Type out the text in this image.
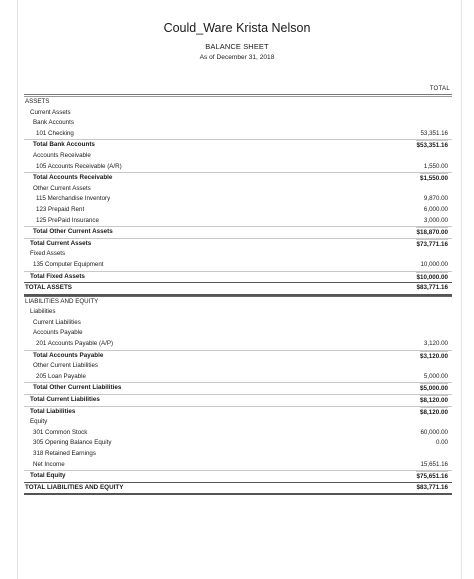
Could_Ware Krista Nelson
BALANCE SHEET
As of December 31, 2018
TOTAL
ASSETS
Current Assets
Bank Accounts
101 Checking	53,351.16
Total Bank Accounts	$53,351.16
Accounts Receivable
105 Accounts Receivable (A/R)	1,550.00
Total Accounts Receivable	$1,550.00
Other Current Assets
115 Merchandise Inventory	9,870.00
123 Prepaid Rent	6,000.00
125 PrePaid Insurance	3,000.00
Total Other Current Assets	$18,870.00
Total Current Assets	$73,771.16
Fixed Assets
135 Computer Equipment	10,000.00
Total Fixed Assets	$10,000.00
TOTAL ASSETS	$83,771.16
LIABILITIES AND EQUITY
Liabilities
Current Liabilities
Accounts Payable
201 Accounts Payable (A/P)	3,120.00
Total Accounts Payable	$3,120.00
Other Current Liabilities
205 Loan Payable	5,000.00
Total Other Current Liabilities	$5,000.00
Total Current Liabilities	$8,120.00
Total Liabilities	$8,120.00
Equity
301 Common Stock	60,000.00
305 Opening Balance Equity	0.00
318 Retained Earnings
Net Income	15,651.16
Total Equity	$75,651.16
TOTAL LIABILITIES AND EQUITY	$83,771.16
